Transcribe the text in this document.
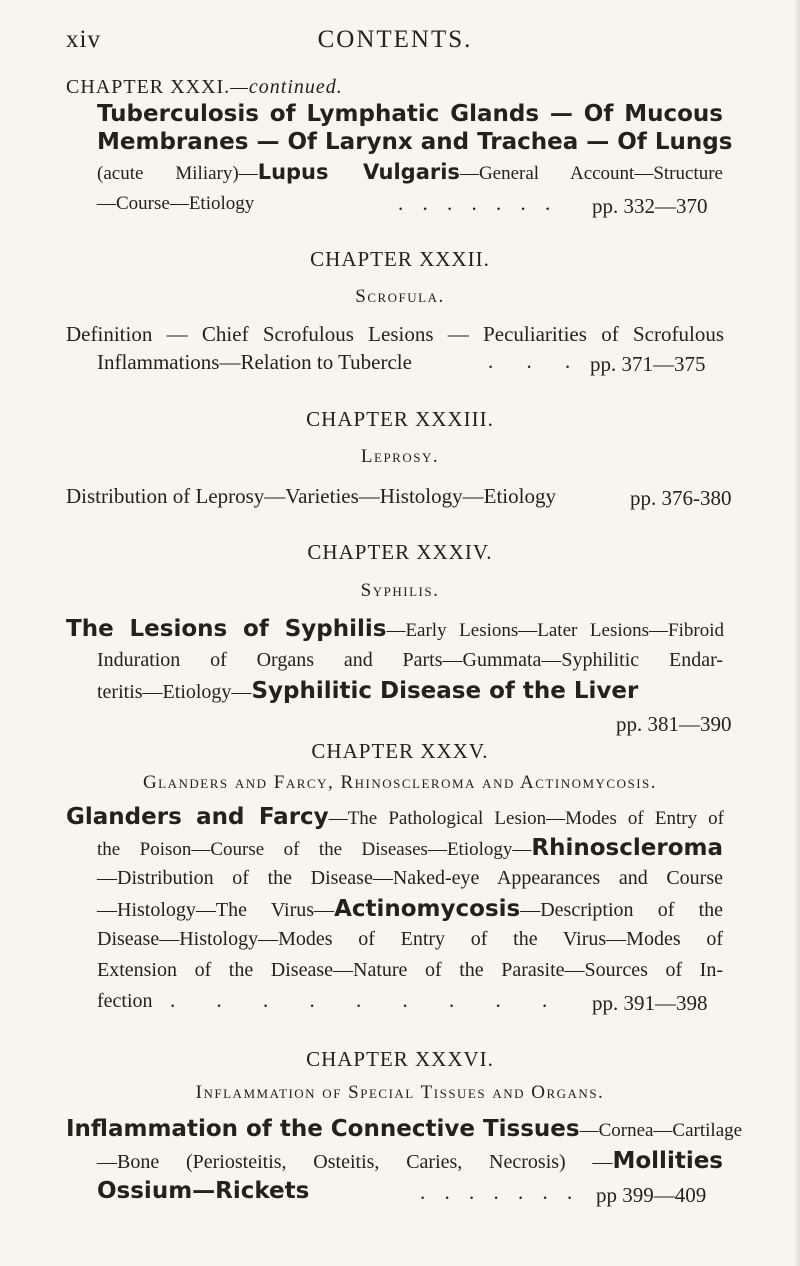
xiv	CONTENTS.
CHAPTER XXXI.—continued.
Tuberculosis of Lymphatic Glands — Of Mucous
Membranes — Of Larynx and Trachea — Of Lungs
(acute Miliary)—Lupus Vulgaris—General Account—Structure
—Course—Etiology	. . . . . . . pp. 332—370
CHAPTER XXXII.
Scrofula.
Definition — Chief Scrofulous Lesions — Peculiarities of Scrofulous
Inflammations—Relation to Tubercle	. . . pp. 371—375
CHAPTER XXXIII.
Leprosy.
Distribution of Leprosy—Varieties—Histology—Etiology	pp. 376-380
CHAPTER XXXIV.
Syphilis.
The Lesions of Syphilis—Early Lesions—Later Lesions—Fibroid
Induration of Organs and Parts—Gummata—Syphilitic Endar-
teritis—Etiology—Syphilitic Disease of the Liver
pp. 381—390
CHAPTER XXXV.
Glanders and Farcy, Rhinoscleroma and Actinomycosis.
Glanders and Farcy—The Pathological Lesion—Modes of Entry of
the Poison—Course of the Diseases—Etiology—Rhinoscleroma
—Distribution of the Disease—Naked-eye Appearances and Course
—Histology—The Virus—Actinomycosis—Description of the
Disease—Histology—Modes of Entry of the Virus—Modes of
Extension of the Disease—Nature of the Parasite—Sources of In-
fection . . . . . . . . . pp. 391—398
CHAPTER XXXVI.
Inflammation of Special Tissues and Organs.
Inflammation of the Connective Tissues—Cornea—Cartilage
—Bone (Periosteitis, Osteitis, Caries, Necrosis) —Mollities
Ossium—Rickets	. . . . . . . pp 399—409
